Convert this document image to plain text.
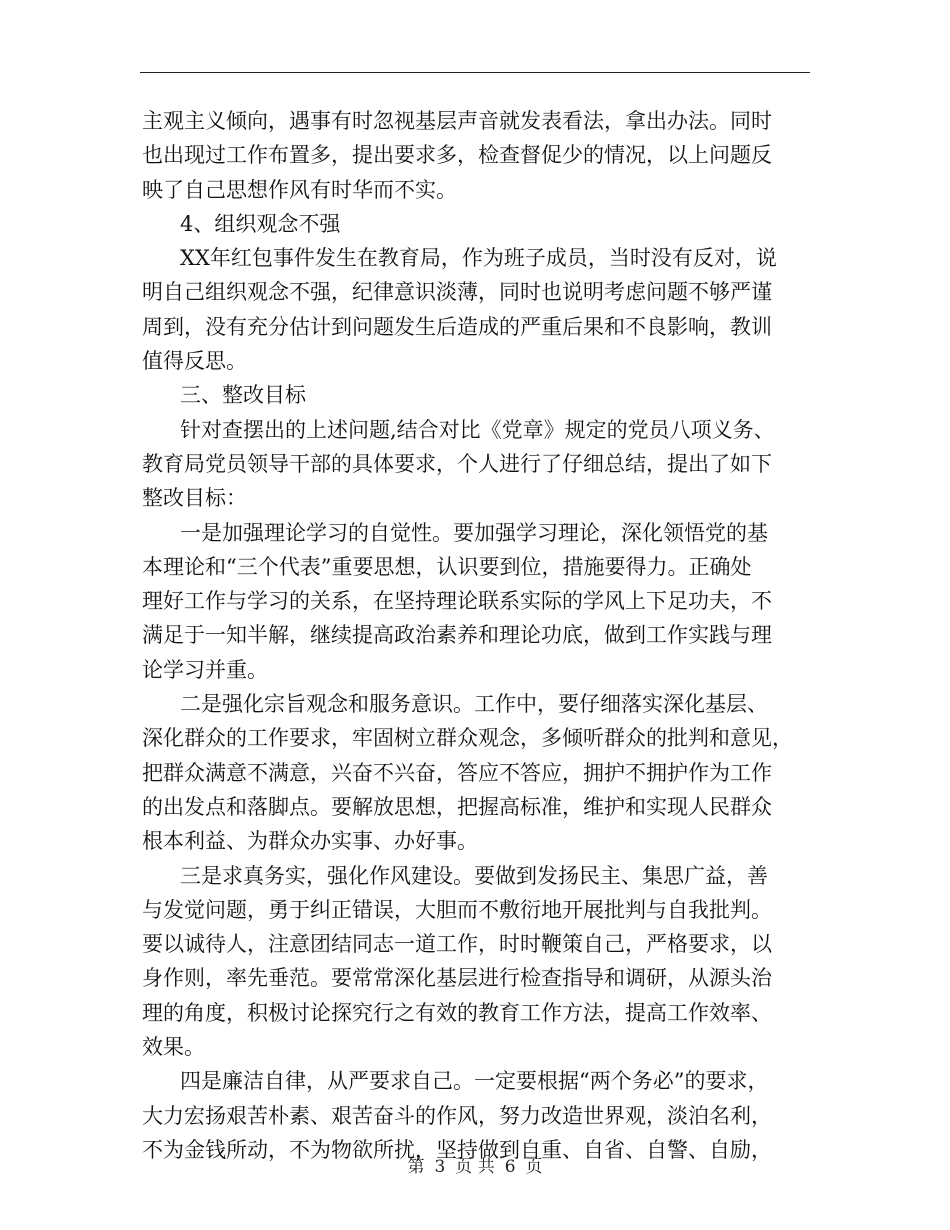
主观主义倾向，遇事有时忽视基层声音就发表看法，拿出办法。同时
也出现过工作布置多，提出要求多，检查督促少的情况，以上问题反
映了自己思想作风有时华而不实。
4、组织观念不强
XX年红包事件发生在教育局，作为班子成员，当时没有反对，说
明自己组织观念不强，纪律意识淡薄，同时也说明考虑问题不够严谨
周到，没有充分估计到问题发生后造成的严重后果和不良影响，教训
值得反思。
三、整改目标
针对查摆出的上述问题,结合对比《党章》规定的党员八项义务、
教育局党员领导干部的具体要求，个人进行了仔细总结，提出了如下
整改目标：
一是加强理论学习的自觉性。要加强学习理论，深化领悟党的基
本理论和“三个代表”重要思想，认识要到位，措施要得力。正确处
理好工作与学习的关系，在坚持理论联系实际的学风上下足功夫，不
满足于一知半解，继续提高政治素养和理论功底，做到工作实践与理
论学习并重。
二是强化宗旨观念和服务意识。工作中，要仔细落实深化基层、
深化群众的工作要求，牢固树立群众观念，多倾听群众的批判和意见，
把群众满意不满意，兴奋不兴奋，答应不答应，拥护不拥护作为工作
的出发点和落脚点。要解放思想，把握高标准，维护和实现人民群众
根本利益、为群众办实事、办好事。
三是求真务实，强化作风建设。要做到发扬民主、集思广益，善
与发觉问题，勇于纠正错误，大胆而不敷衍地开展批判与自我批判。
要以诚待人，注意团结同志一道工作，时时鞭策自己，严格要求，以
身作则，率先垂范。要常常深化基层进行检查指导和调研，从源头治
理的角度，积极讨论探究行之有效的教育工作方法，提高工作效率、
效果。
四是廉洁自律，从严要求自己。一定要根据“两个务必”的要求，
大力宏扬艰苦朴素、艰苦奋斗的作风，努力改造世界观，淡泊名利，
不为金钱所动，不为物欲所扰，坚持做到自重、自省、自警、自励，
第 3 页 共 6 页
